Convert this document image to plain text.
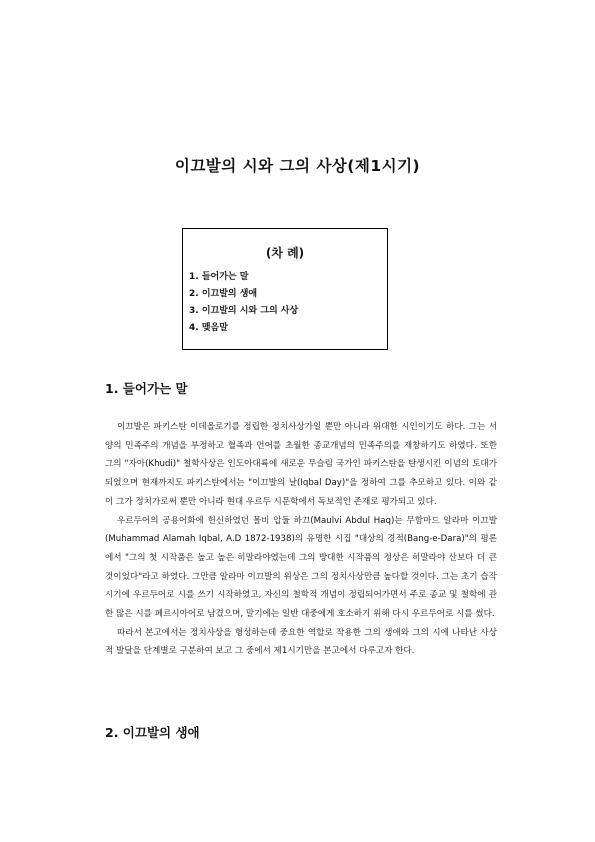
이끄발의 시와 그의 사상(제1시기)
(차 례)
1. 들어가는 말
2. 이끄발의 생애
3. 이끄발의 시와 그의 사상
4. 맺음말
1. 들어가는 말

이끄발은 파키스탄 이데올로기를 정립한 정치사상가일 뿐만 아니라 위대한 시인이기도 하다. 그는 서양의 민족주의 개념을 부정하고 혈족과 언어를 초월한 종교개념의 민족주의를 재창하기도 하였다. 또한 그의 "자아(Khudi)" 철학사상은 인도아대륙에 새로운 무슬림 국가인 파키스탄을 탄생시킨 이념의 토대가 되었으며 현재까지도 파키스탄에서는 "이끄발의 날(Iqbal Day)"을 정하여 그를 추모하고 있다. 이와 같이 그가 정치가로써 뿐만 아니라 현대 우르두 시문학에서 독보적인 존재로 평가되고 있다.

우르두어의 공용어화에 헌신하였던 몰비 압둘 하끄(Maulvi Abdul Haq)는 무함마드 알라마 이끄발(Muhammad Alamah Iqbal, A.D 1872-1938)의 유명한 시집 "대상의 경적(Bang-e-Dara)"의 평론에서 "그의 첫 시작품은 높고 높은 히말라야였는데 그의 방대한 시작품의 정상은 히말라야 산보다 더 큰 것이었다"라고 하였다. 그만큼 알라마 이끄발의 위상은 그의 정치사상만큼 높다할 것이다. 그는 초기 습작시기에 우르두어로 시를 쓰기 시작하였고, 자신의 철학적 개념이 정립되어가면서 주로 종교 및 철학에 관한 많은 시를 페르시아어로 남겼으며, 말기에는 일반 대중에게 호소하기 위해 다시 우르두어로 시를 썼다.

따라서 본고에서는 정치사상을 형성하는데 중요한 역할로 작용한 그의 생애와 그의 시에 나타난 사상적 발달을 단계별로 구분하여 보고 그 중에서 제1시기만을 본고에서 다루고자 한다.

2. 이끄발의 생애
